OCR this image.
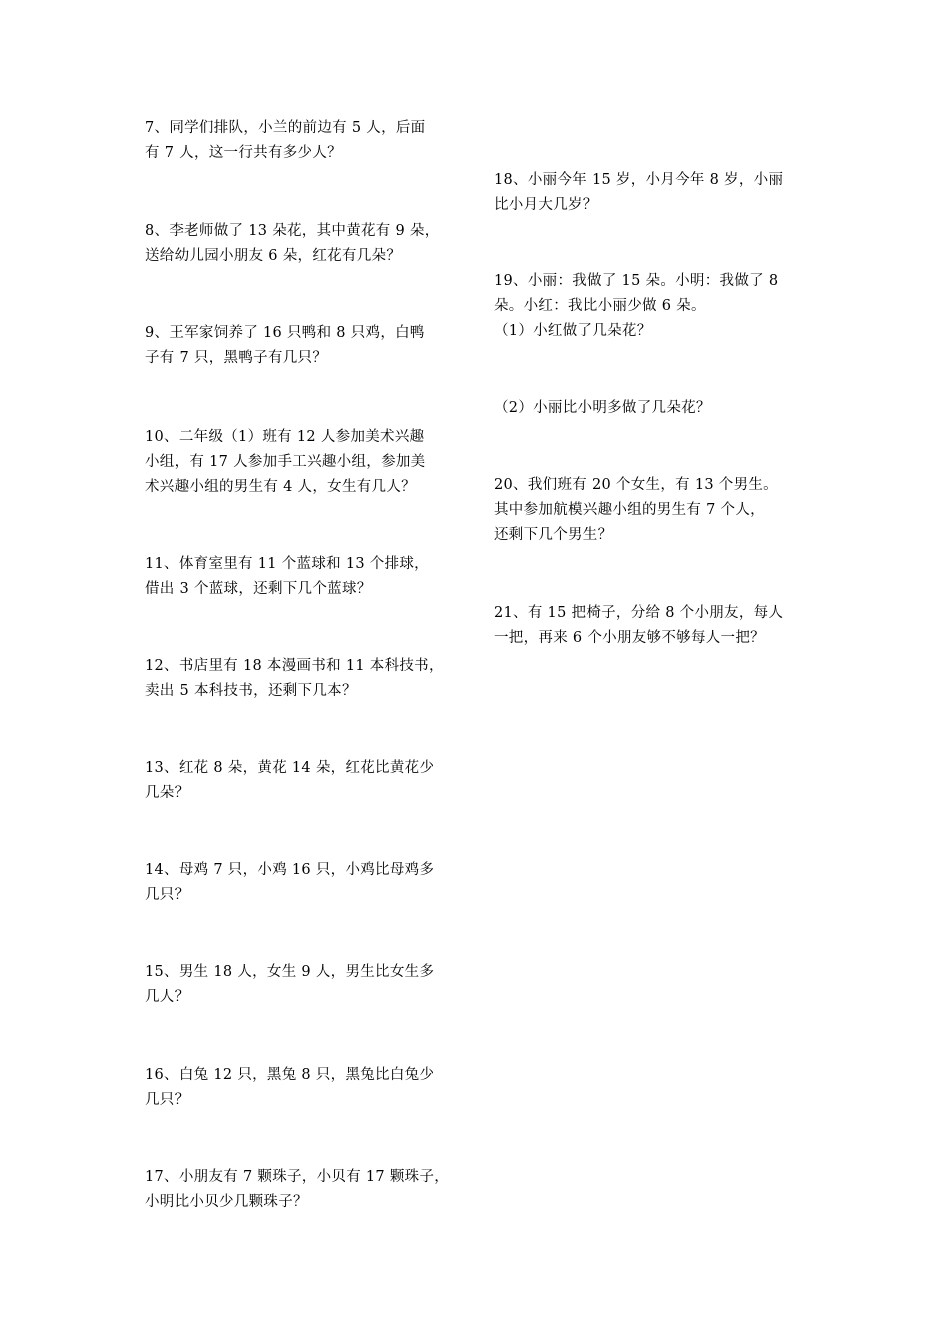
7、同学们排队，小兰的前边有 5 人，后面
有 7 人，这一行共有多少人？
8、李老师做了 13 朵花，其中黄花有 9 朵，
送给幼儿园小朋友 6 朵，红花有几朵？
9、王军家饲养了 16 只鸭和 8 只鸡，白鸭
子有 7 只，黑鸭子有几只？
10、二年级（1）班有 12 人参加美术兴趣
小组，有 17 人参加手工兴趣小组，参加美
术兴趣小组的男生有 4 人，女生有几人？
11、体育室里有 11 个蓝球和 13 个排球，
借出 3 个蓝球，还剩下几个蓝球？
12、书店里有 18 本漫画书和 11 本科技书，
卖出 5 本科技书，还剩下几本？
13、红花 8 朵，黄花 14 朵，红花比黄花少
几朵？
14、母鸡 7 只，小鸡 16 只，小鸡比母鸡多
几只？
15、男生 18 人，女生 9 人，男生比女生多
几人？
16、白兔 12 只，黑兔 8 只，黑兔比白兔少
几只？
17、小朋友有 7 颗珠子，小贝有 17 颗珠子，
小明比小贝少几颗珠子？
18、小丽今年 15 岁，小月今年 8 岁，小丽
比小月大几岁？
19、小丽：我做了 15 朵。小明：我做了 8
朵。小红：我比小丽少做 6 朵。
（1）小红做了几朵花？
（2）小丽比小明多做了几朵花？
20、我们班有 20 个女生，有 13 个男生。
其中参加航模兴趣小组的男生有 7 个人，
还剩下几个男生？
21、有 15 把椅子，分给 8 个小朋友，每人
一把，再来 6 个小朋友够不够每人一把？
